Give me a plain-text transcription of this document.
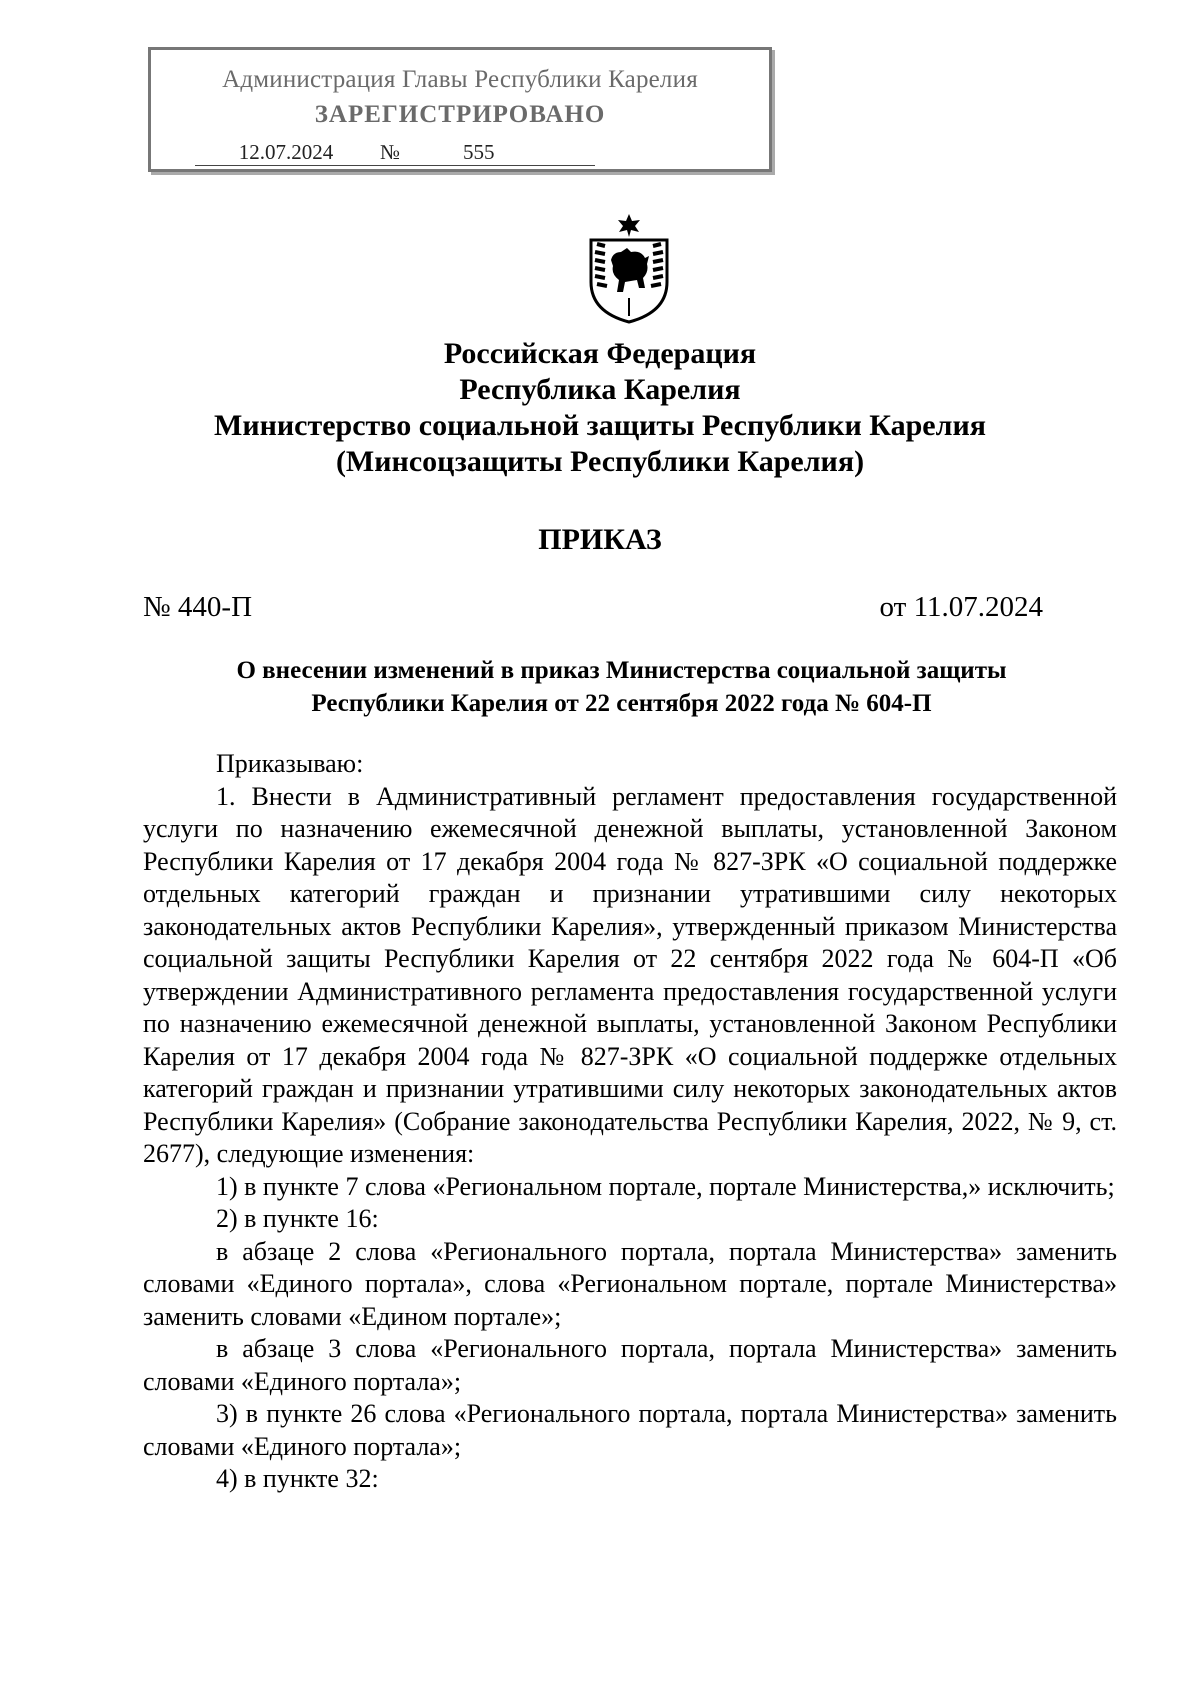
Администрация Главы Республики Карелия
ЗАРЕГИСТРИРОВАНО
12.07.2024	№	555
Российская Федерация
Республика Карелия
Министерство социальной защиты Республики Карелия
(Минсоцзащиты Республики Карелия)
ПРИКАЗ
№ 440-П	от 11.07.2024
О внесении изменений в приказ Министерства социальной защиты
Республики Карелия от 22 сентября 2022 года № 604-П

Приказываю:

1. Внести в Административный регламент предоставления государственной услуги по назначению ежемесячной денежной выплаты, установленной Законом Республики Карелия от 17 декабря 2004 года № 827-ЗРК «О социальной поддержке отдельных категорий граждан и признании утратившими силу некоторых законодательных актов Республики Карелия», утвержденный приказом Министерства социальной защиты Республики Карелия от 22 сентября 2022 года № 604-П «Об утверждении Административного регламента предоставления государственной услуги по назначению ежемесячной денежной выплаты, установленной Законом Республики Карелия от 17 декабря 2004 года № 827-ЗРК «О социальной поддержке отдельных категорий граждан и признании утратившими силу некоторых законодательных актов Республики Карелия» (Собрание законодательства Республики Карелия, 2022, № 9, ст. 2677), следующие изменения:

1) в пункте 7 слова «Региональном портале, портале Министерства,» исключить;

2) в пункте 16:

в абзаце 2 слова «Регионального портала, портала Министерства» заменить словами «Единого портала», слова «Региональном портале, портале Министерства» заменить словами «Едином портале»;

в абзаце 3 слова «Регионального портала, портала Министерства» заменить словами «Единого портала»;

3) в пункте 26 слова «Регионального портала, портала Министерства» заменить словами «Единого портала»;

4) в пункте 32:
